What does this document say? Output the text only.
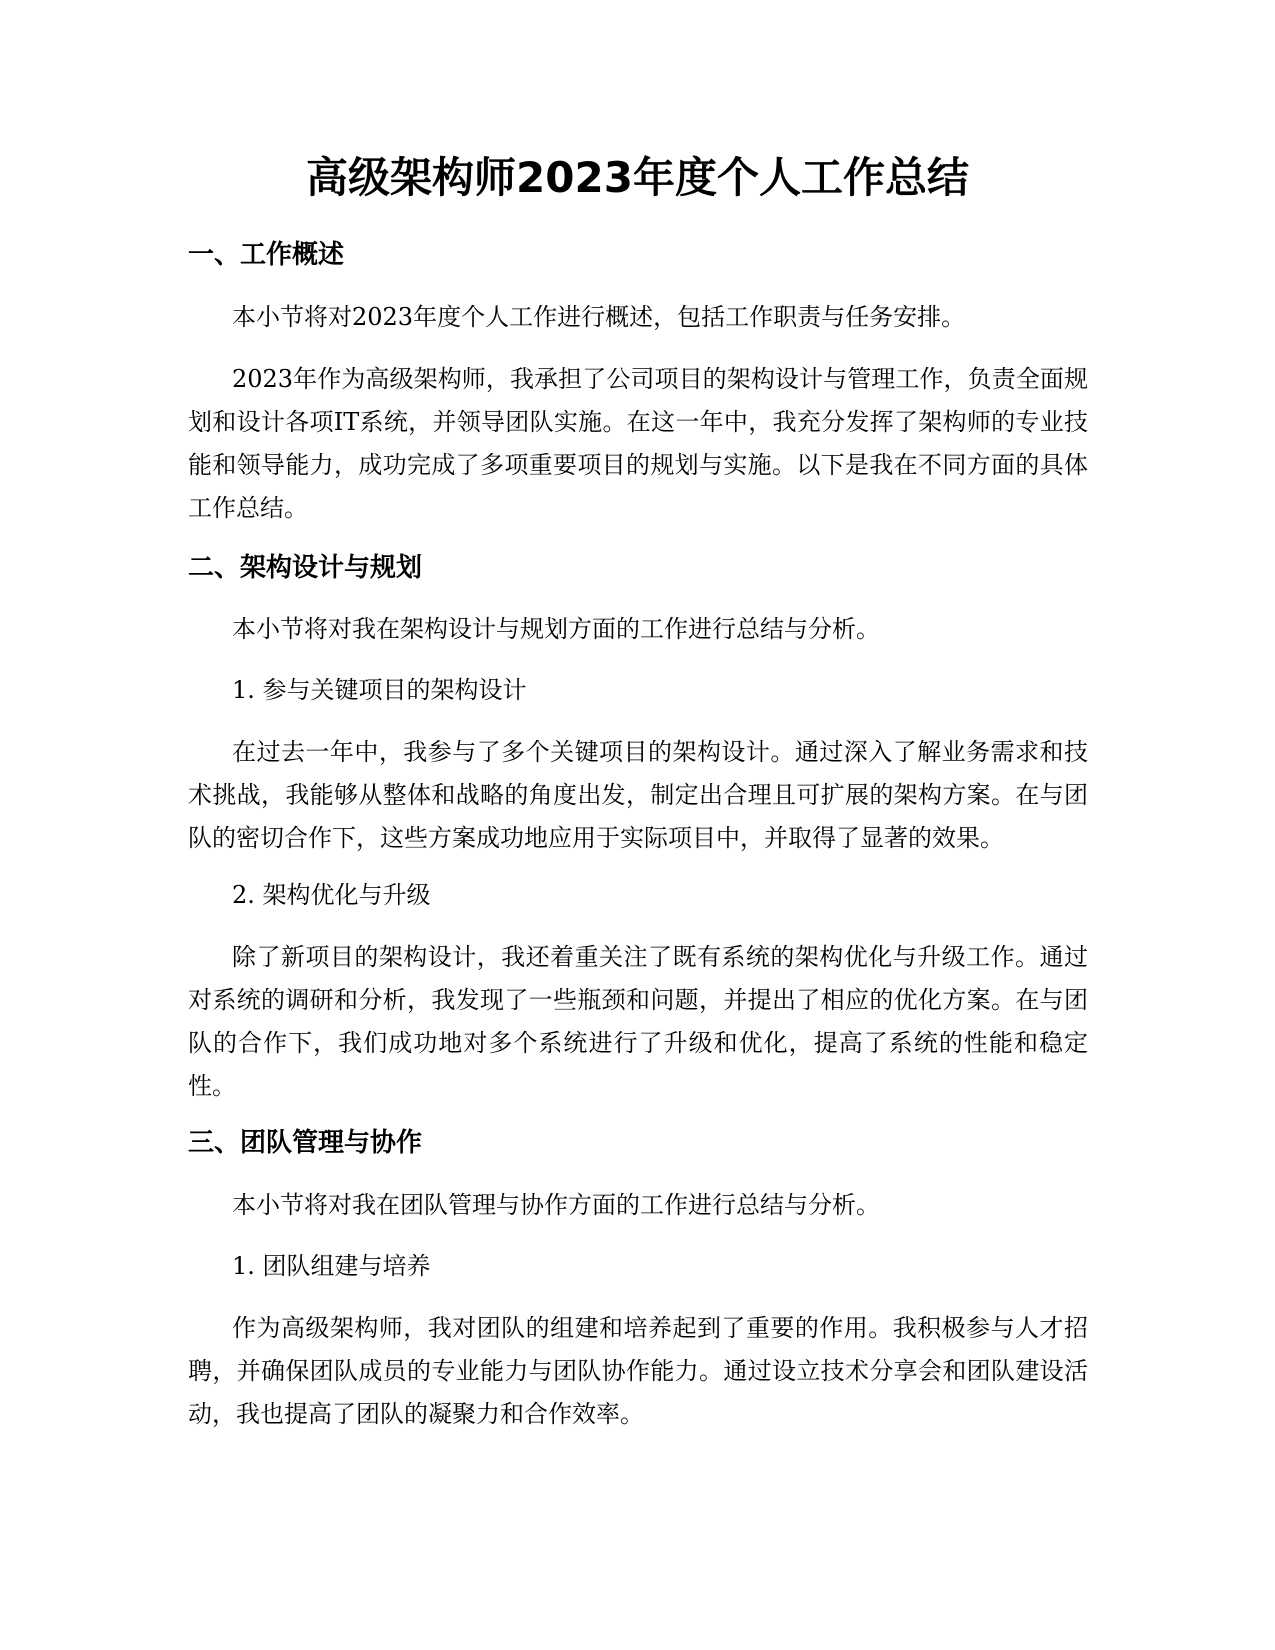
高级架构师2023年度个人工作总结
一、工作概述

本小节将对2023年度个人工作进行概述，包括工作职责与任务安排。

2023年作为高级架构师，我承担了公司项目的架构设计与管理工作，负责全面规划和设计各项IT系统，并领导团队实施。在这一年中，我充分发挥了架构师的专业技能和领导能力，成功完成了多项重要项目的规划与实施。以下是我在不同方面的具体工作总结。

二、架构设计与规划

本小节将对我在架构设计与规划方面的工作进行总结与分析。

1. 参与关键项目的架构设计

在过去一年中，我参与了多个关键项目的架构设计。通过深入了解业务需求和技术挑战，我能够从整体和战略的角度出发，制定出合理且可扩展的架构方案。在与团队的密切合作下，这些方案成功地应用于实际项目中，并取得了显著的效果。

2. 架构优化与升级

除了新项目的架构设计，我还着重关注了既有系统的架构优化与升级工作。通过对系统的调研和分析，我发现了一些瓶颈和问题，并提出了相应的优化方案。在与团队的合作下，我们成功地对多个系统进行了升级和优化，提高了系统的性能和稳定性。

三、团队管理与协作

本小节将对我在团队管理与协作方面的工作进行总结与分析。

1. 团队组建与培养

作为高级架构师，我对团队的组建和培养起到了重要的作用。我积极参与人才招聘，并确保团队成员的专业能力与团队协作能力。通过设立技术分享会和团队建设活动，我也提高了团队的凝聚力和合作效率。
